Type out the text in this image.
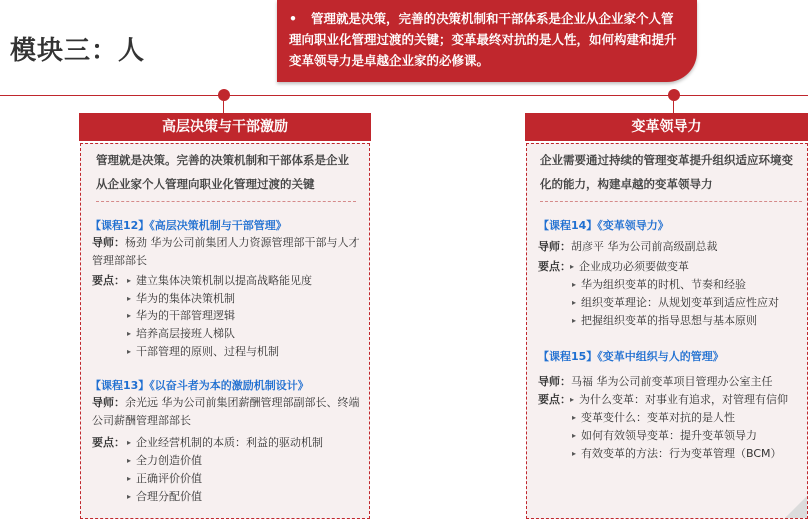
模块三：人
• 管理就是决策，完善的决策机制和干部体系是企业从企业家个人管理向职业化管理过渡的关键；变革最终对抗的是人性，如何构建和提升变革领导力是卓越企业家的必修课。
高层决策与干部激励
管理就是决策。完善的决策机制和干部体系是企业从企业家个人管理向职业化管理过渡的关键
【课程12】《高层决策机制与干部管理》
导师：杨劲 华为公司前集团人力资源管理部干部与人才管理部部长
要点： ▸ 建立集体决策机制以提高战略能见度
▸ 华为的集体决策机制
▸ 华为的干部管理逻辑
▸ 培养高层接班人梯队
▸ 干部管理的原则、过程与机制
【课程13】《以奋斗者为本的激励机制设计》
导师：余光远 华为公司前集团薪酬管理部副部长、终端公司薪酬管理部部长
要点： ▸ 企业经营机制的本质：利益的驱动机制
▸ 全力创造价值
▸ 正确评价价值
▸ 合理分配价值
变革领导力
企业需要通过持续的管理变革提升组织适应环境变化的能力，构建卓越的变革领导力
【课程14】《变革领导力》
导师：胡彦平 华为公司前高级副总裁
要点： ▸ 企业成功必须要做变革
▸ 华为组织变革的时机、节奏和经验
▸ 组织变革理论：从规划变革到适应性应对
▸ 把握组织变革的指导思想与基本原则
【课程15】《变革中组织与人的管理》
导师：马福 华为公司前变革项目管理办公室主任
要点： ▸ 为什么变革：对事业有追求，对管理有信仰
▸ 变革变什么：变革对抗的是人性
▸ 如何有效领导变革：提升变革领导力
▸ 有效变革的方法：行为变革管理（BCM）
